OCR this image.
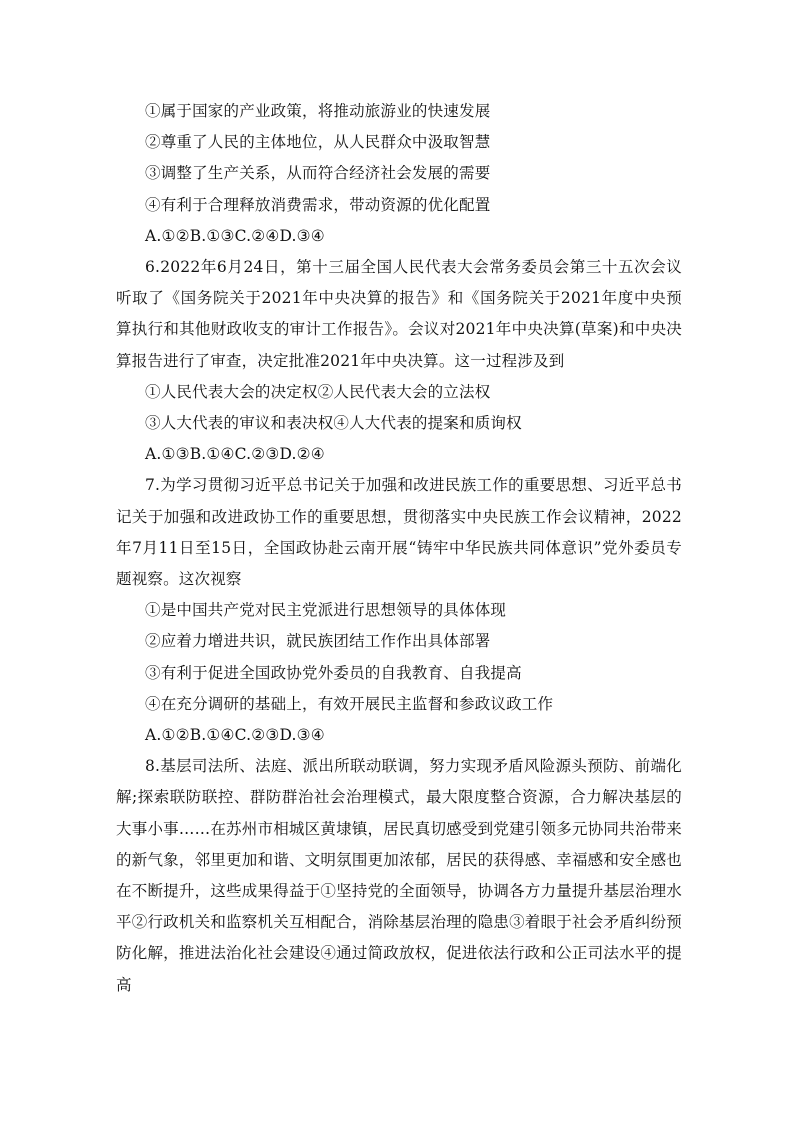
①属于国家的产业政策，将推动旅游业的快速发展
②尊重了人民的主体地位，从人民群众中汲取智慧
③调整了生产关系，从而符合经济社会发展的需要
④有利于合理释放消费需求，带动资源的优化配置
A.①②B.①③C.②④D.③④
6.2022年6月24日，第十三届全国人民代表大会常务委员会第三十五次会议听取了《国务院关于2021年中央决算的报告》和《国务院关于2021年度中央预算执行和其他财政收支的审计工作报告》。会议对2021年中央决算(草案)和中央决算报告进行了审查，决定批准2021年中央决算。这一过程涉及到
①人民代表大会的决定权②人民代表大会的立法权
③人大代表的审议和表决权④人大代表的提案和质询权
A.①③B.①④C.②③D.②④
7.为学习贯彻习近平总书记关于加强和改进民族工作的重要思想、习近平总书记关于加强和改进政协工作的重要思想，贯彻落实中央民族工作会议精神，2022年7月11日至15日，全国政协赴云南开展“铸牢中华民族共同体意识”党外委员专题视察。这次视察
①是中国共产党对民主党派进行思想领导的具体体现
②应着力增进共识，就民族团结工作作出具体部署
③有利于促进全国政协党外委员的自我教育、自我提高
④在充分调研的基础上，有效开展民主监督和参政议政工作
A.①②B.①④C.②③D.③④
8.基层司法所、法庭、派出所联动联调，努力实现矛盾风险源头预防、前端化解;探索联防联控、群防群治社会治理模式，最大限度整合资源，合力解决基层的大事小事……在苏州市相城区黄埭镇，居民真切感受到党建引领多元协同共治带来的新气象，邻里更加和谐、文明氛围更加浓郁，居民的获得感、幸福感和安全感也在不断提升，这些成果得益于①坚持党的全面领导，协调各方力量提升基层治理水平②行政机关和监察机关互相配合，消除基层治理的隐患③着眼于社会矛盾纠纷预防化解，推进法治化社会建设④通过简政放权，促进依法行政和公正司法水平的提高
